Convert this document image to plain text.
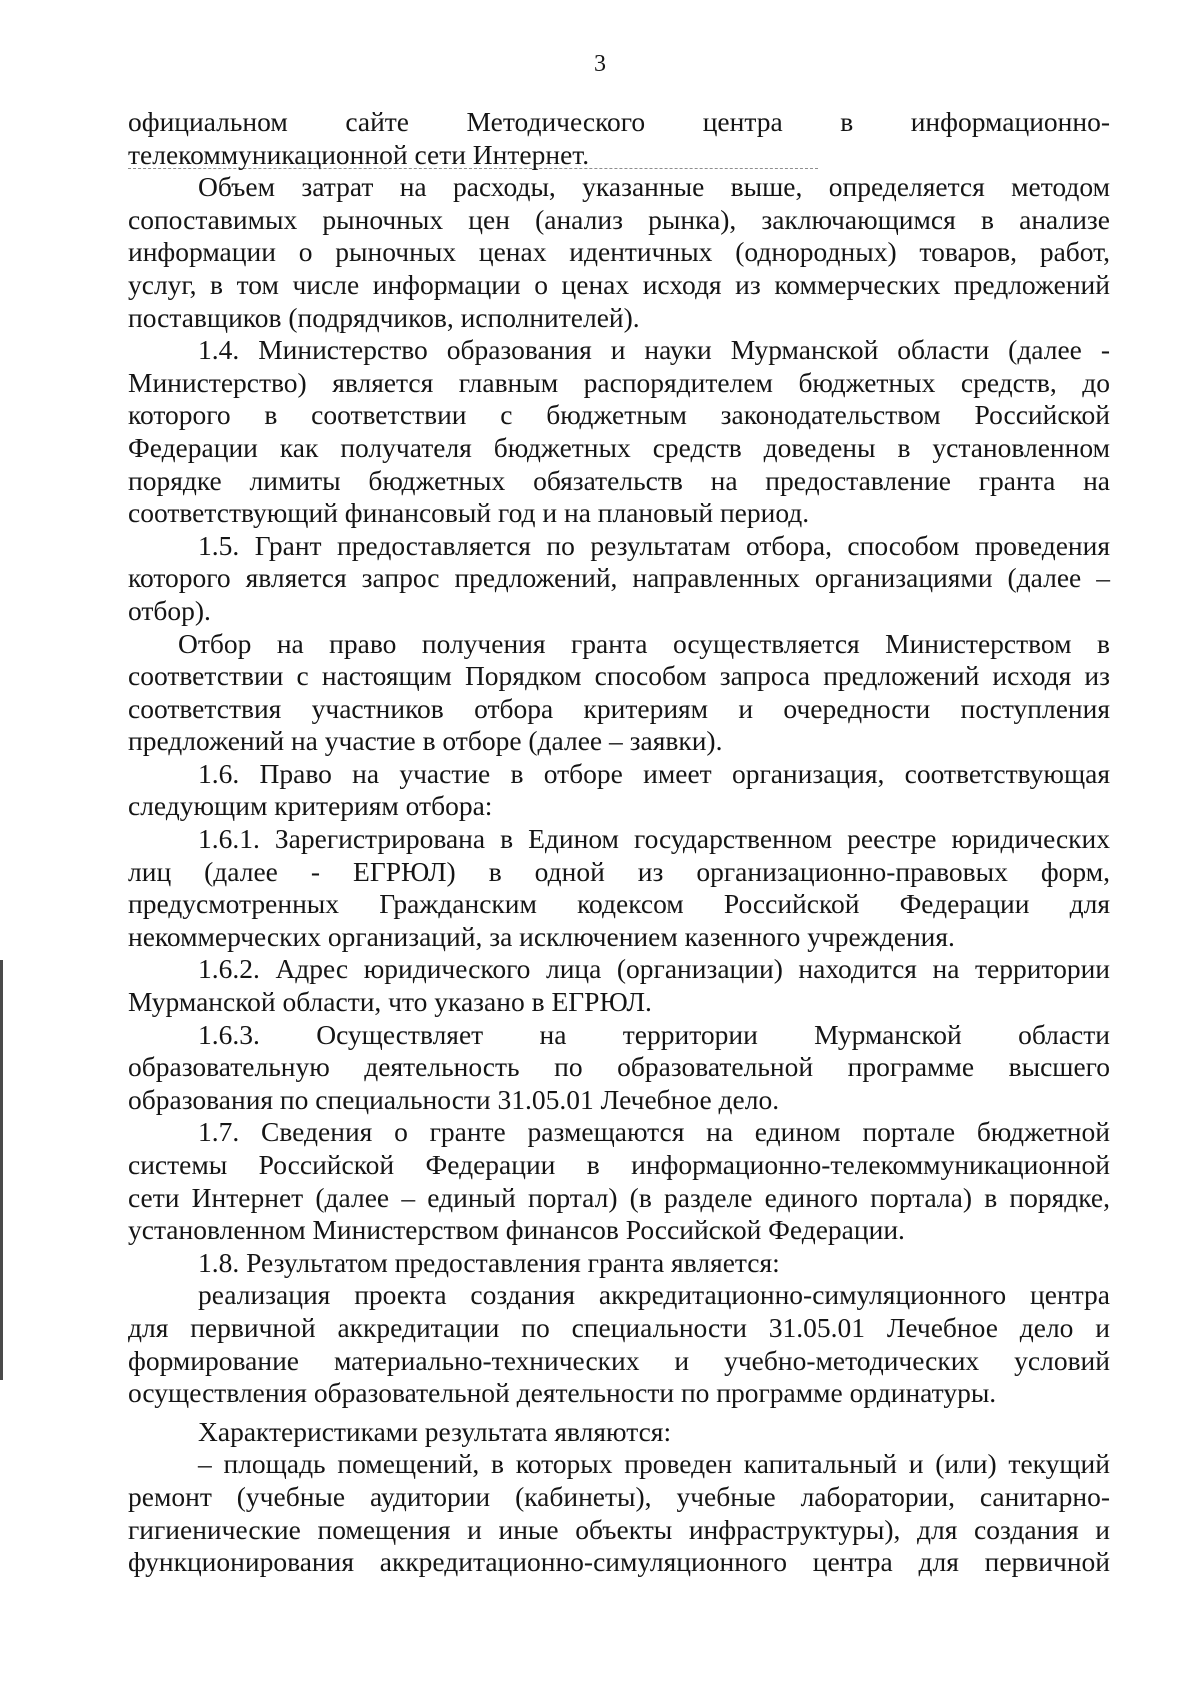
3
официальном сайте Методического центра в информационно-
телекоммуникационной сети Интернет.
Объем затрат на расходы, указанные выше, определяется методом
сопоставимых рыночных цен (анализ рынка), заключающимся в анализе
информации о рыночных ценах идентичных (однородных) товаров, работ,
услуг, в том числе информации о ценах исходя из коммерческих предложений
поставщиков (подрядчиков, исполнителей).
1.4. Министерство образования и науки Мурманской области (далее -
Министерство) является главным распорядителем бюджетных средств, до
которого в соответствии с бюджетным законодательством Российской
Федерации как получателя бюджетных средств доведены в установленном
порядке лимиты бюджетных обязательств на предоставление гранта на
соответствующий финансовый год и на плановый период.
1.5. Грант предоставляется по результатам отбора, способом проведения
которого является запрос предложений, направленных организациями (далее –
отбор).
Отбор на право получения гранта осуществляется Министерством в
соответствии с настоящим Порядком способом запроса предложений исходя из
соответствия участников отбора критериям и очередности поступления
предложений на участие в отборе (далее – заявки).
1.6. Право на участие в отборе имеет организация, соответствующая
следующим критериям отбора:
1.6.1. Зарегистрирована в Едином государственном реестре юридических
лиц (далее - ЕГРЮЛ) в одной из организационно-правовых форм,
предусмотренных Гражданским кодексом Российской Федерации для
некоммерческих организаций, за исключением казенного учреждения.
1.6.2. Адрес юридического лица (организации) находится на территории
Мурманской области, что указано в ЕГРЮЛ.
1.6.3. Осуществляет на территории Мурманской области
образовательную деятельность по образовательной программе высшего
образования по специальности 31.05.01 Лечебное дело.
1.7. Сведения о гранте размещаются на едином портале бюджетной
системы Российской Федерации в информационно-телекоммуникационной
сети Интернет (далее – единый портал) (в разделе единого портала) в порядке,
установленном Министерством финансов Российской Федерации.
1.8. Результатом предоставления гранта является:
реализация проекта создания аккредитационно-симуляционного центра
для первичной аккредитации по специальности 31.05.01 Лечебное дело и
формирование материально-технических и учебно-методических условий
осуществления образовательной деятельности по программе ординатуры.
Характеристиками результата являются:
– площадь помещений, в которых проведен капитальный и (или) текущий
ремонт (учебные аудитории (кабинеты), учебные лаборатории, санитарно-
гигиенические помещения и иные объекты инфраструктуры), для создания и
функционирования аккредитационно-симуляционного центра для первичной
